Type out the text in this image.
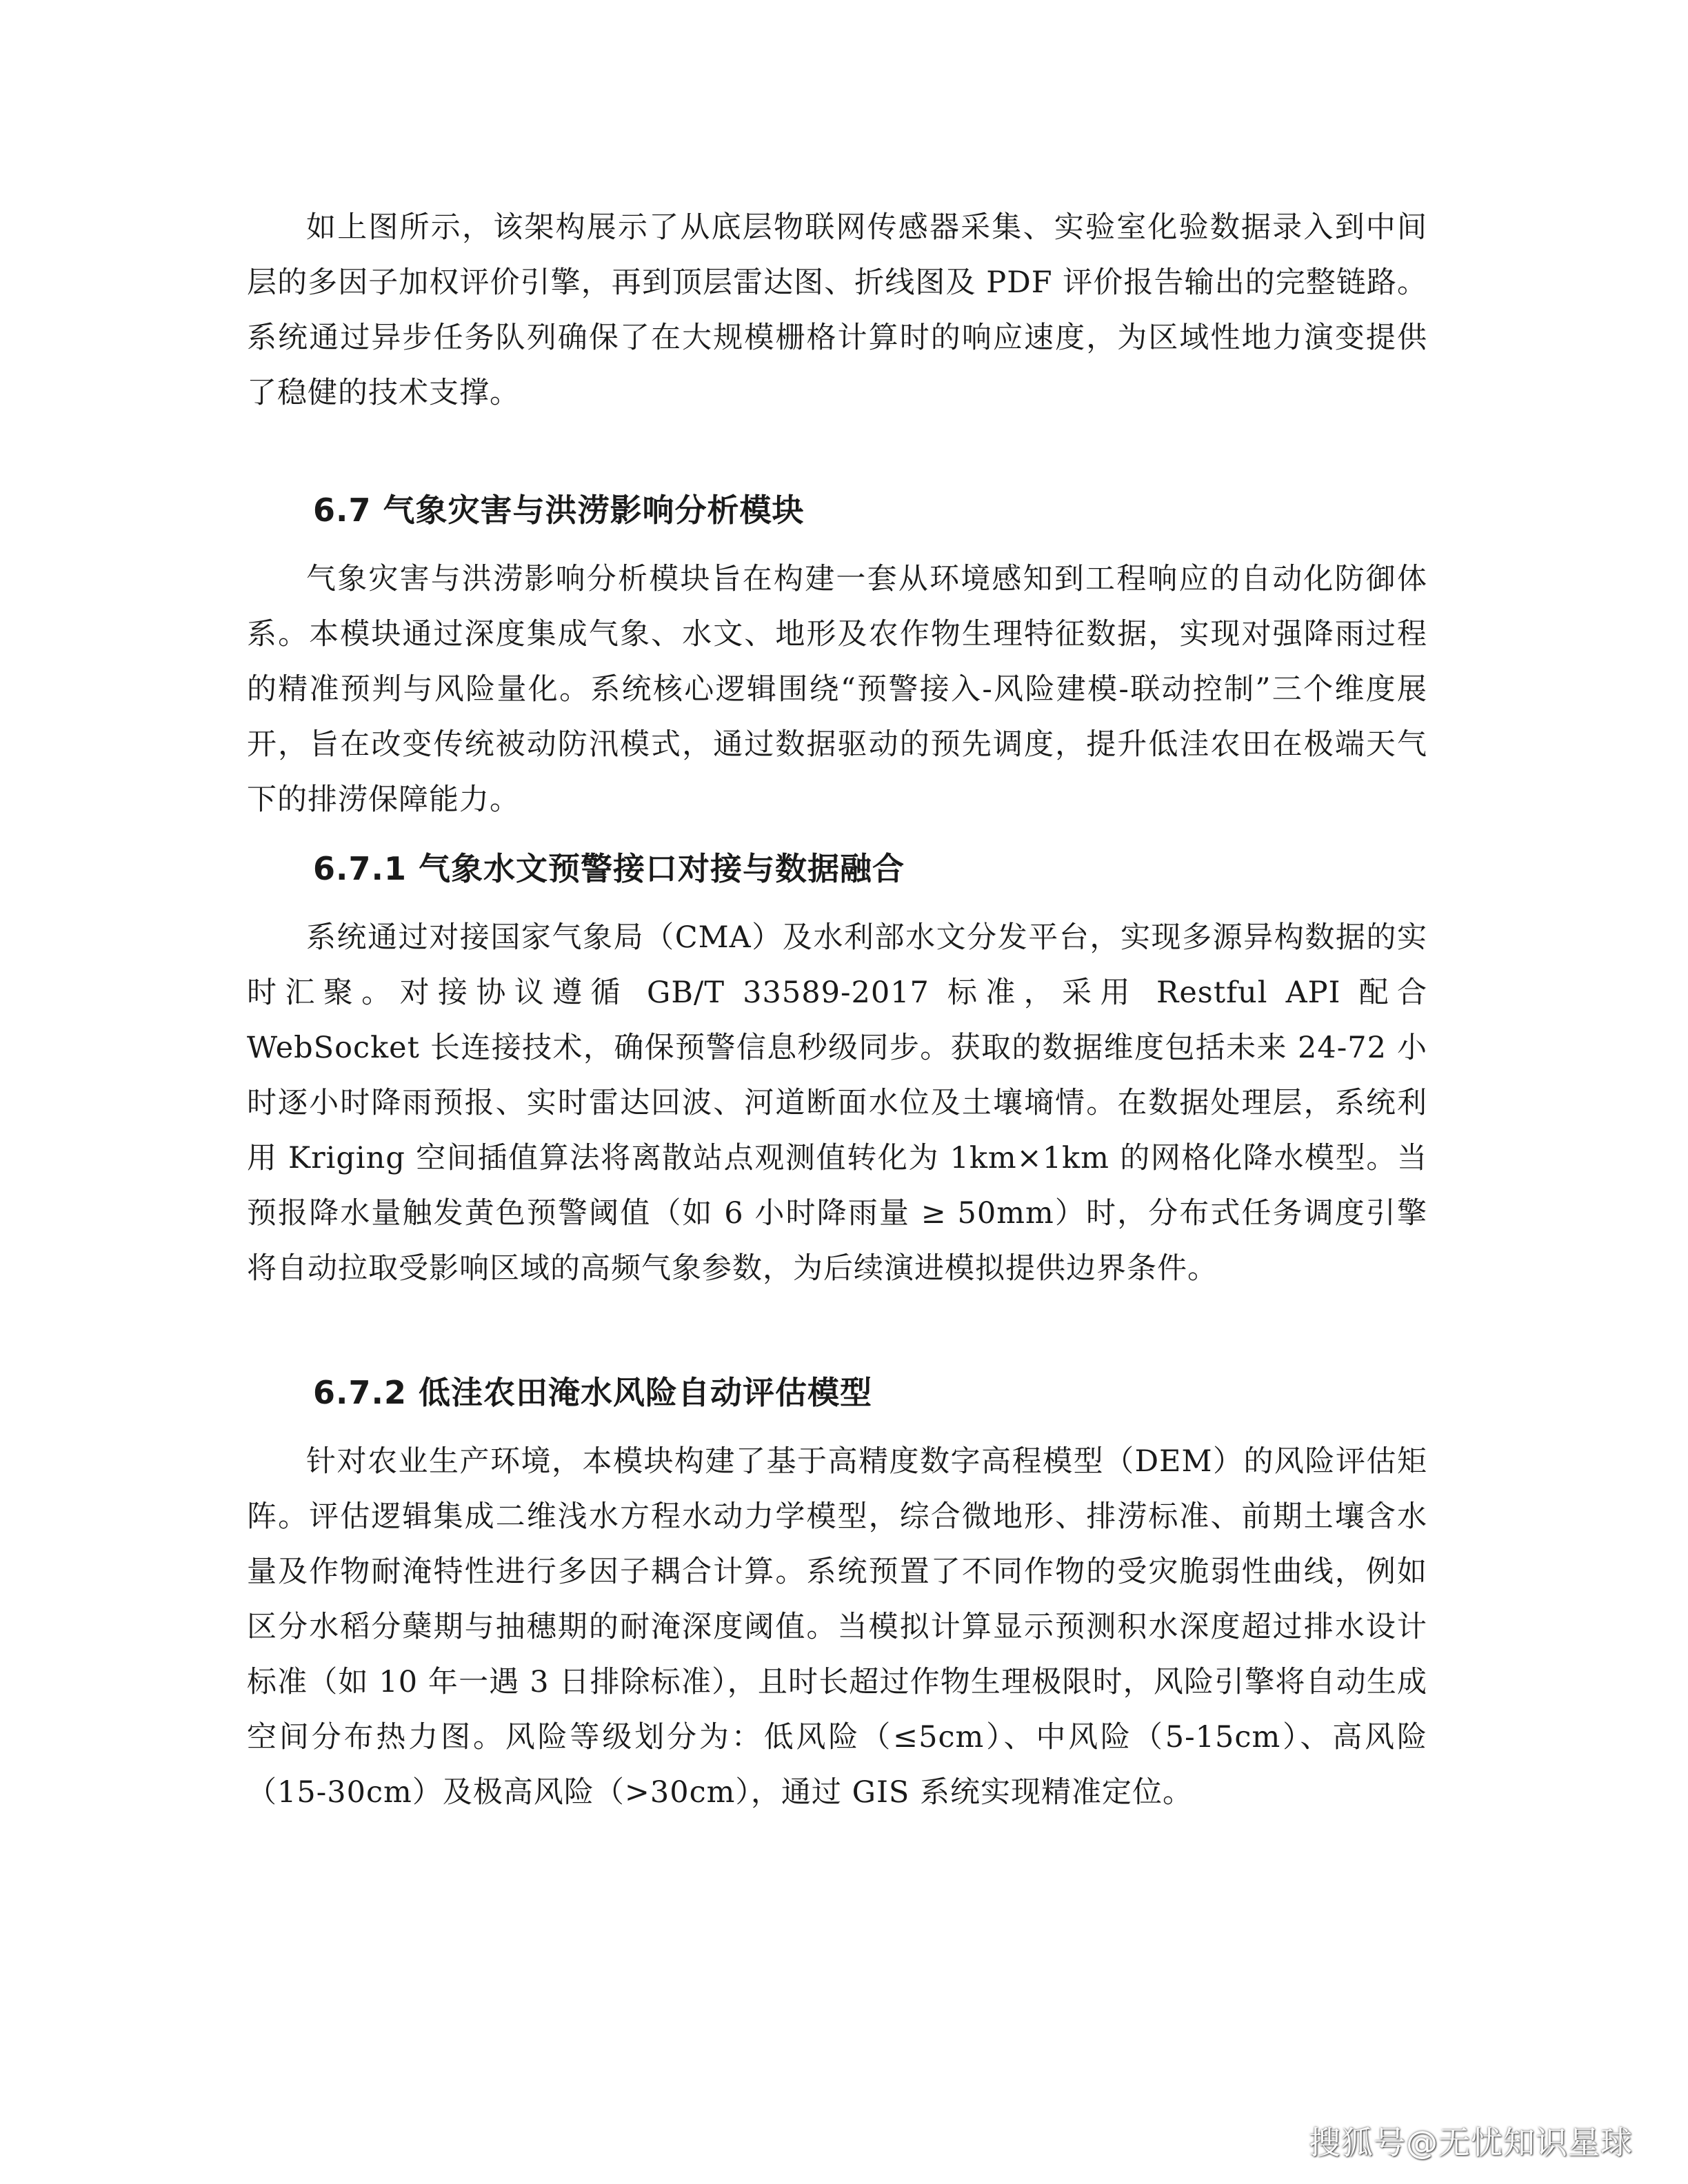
如上图所示，该架构展示了从底层物联网传感器采集、实验室化验数据录入到中间层的多因子加权评价引擎，再到顶层雷达图、折线图及 PDF 评价报告输出的完整链路。系统通过异步任务队列确保了在大规模栅格计算时的响应速度，为区域性地力演变提供了稳健的技术支撑。

6.7 气象灾害与洪涝影响分析模块

气象灾害与洪涝影响分析模块旨在构建一套从环境感知到工程响应的自动化防御体系。本模块通过深度集成气象、水文、地形及农作物生理特征数据，实现对强降雨过程的精准预判与风险量化。系统核心逻辑围绕“预警接入-风险建模-联动控制”三个维度展开，旨在改变传统被动防汛模式，通过数据驱动的预先调度，提升低洼农田在极端天气下的排涝保障能力。

6.7.1 气象水文预警接口对接与数据融合

系统通过对接国家气象局（CMA）及水利部水文分发平台，实现多源异构数据的实时汇聚。对接协议遵循 GB/T 33589-2017 标准，采用 Restful API 配合 WebSocket 长连接技术，确保预警信息秒级同步。获取的数据维度包括未来 24-72 小时逐小时降雨预报、实时雷达回波、河道断面水位及土壤墒情。在数据处理层，系统利用 Kriging 空间插值算法将离散站点观测值转化为 1km×1km 的网格化降水模型。当预报降水量触发黄色预警阈值（如 6 小时降雨量 ≥ 50mm）时，分布式任务调度引擎将自动拉取受影响区域的高频气象参数，为后续演进模拟提供边界条件。

6.7.2 低洼农田淹水风险自动评估模型

针对农业生产环境，本模块构建了基于高精度数字高程模型（DEM）的风险评估矩阵。评估逻辑集成二维浅水方程水动力学模型，综合微地形、排涝标准、前期土壤含水量及作物耐淹特性进行多因子耦合计算。系统预置了不同作物的受灾脆弱性曲线，例如区分水稻分蘖期与抽穗期的耐淹深度阈值。当模拟计算显示预测积水深度超过排水设计标准（如 10 年一遇 3 日排除标准），且时长超过作物生理极限时，风险引擎将自动生成空间分布热力图。风险等级划分为：低风险（≤5cm）、中风险（5-15cm）、高风险（15-30cm）及极高风险（>30cm），通过 GIS 系统实现精准定位。

搜狐号@无忧知识星球
